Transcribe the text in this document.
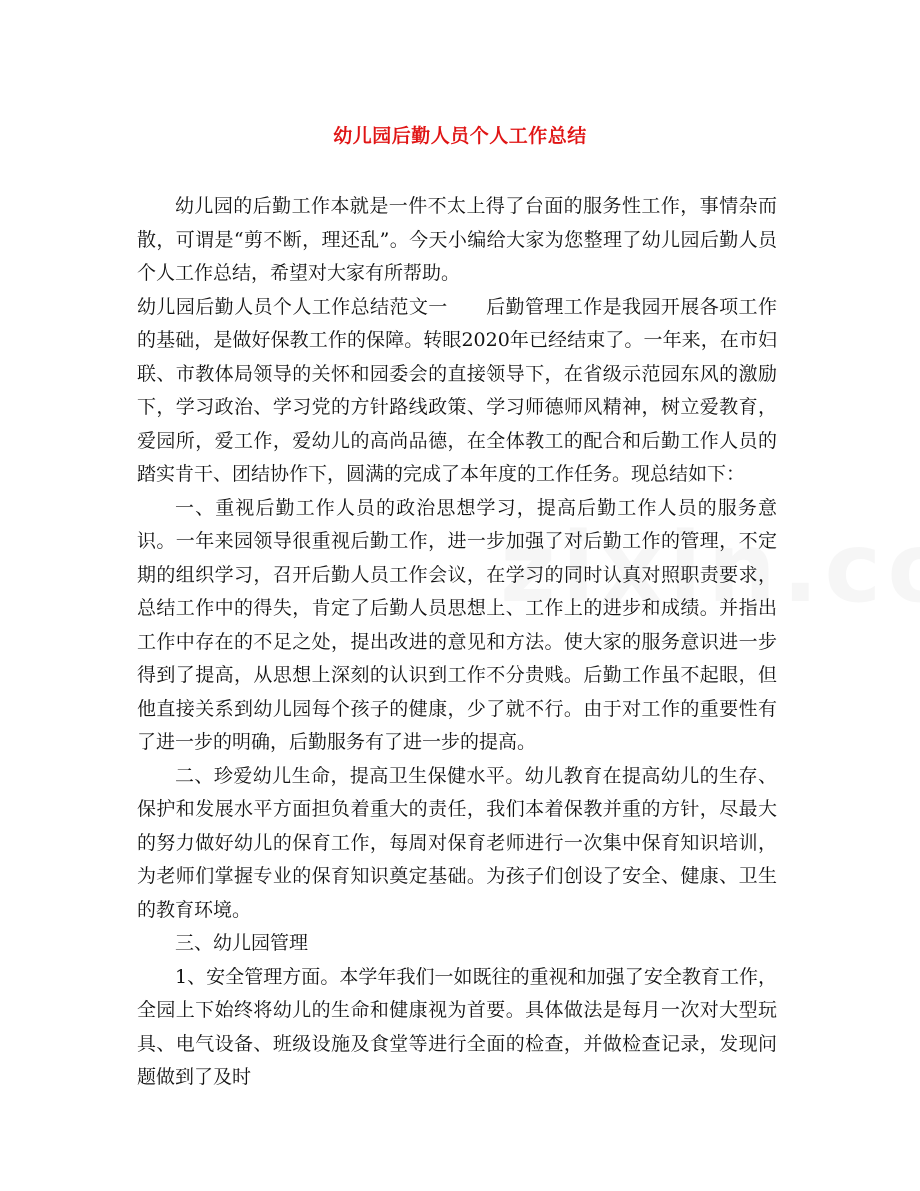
幼儿园后勤人员个人工作总结

幼儿园的后勤工作本就是一件不太上得了台面的服务性工作，事情杂而散，可谓是“剪不断，理还乱”。今天小编给大家为您整理了幼儿园后勤人员个人工作总结，希望对大家有所帮助。

幼儿园后勤人员个人工作总结范文一 后勤管理工作是我园开展各项工作的基础，是做好保教工作的保障。转眼2020年已经结束了。一年来，在市妇联、市教体局领导的关怀和园委会的直接领导下，在省级示范园东风的激励下，学习政治、学习党的方针路线政策、学习师德师风精神，树立爱教育，爱园所，爱工作，爱幼儿的高尚品德，在全体教工的配合和后勤工作人员的踏实肯干、团结协作下，圆满的完成了本年度的工作任务。现总结如下：

一、重视后勤工作人员的政治思想学习，提高后勤工作人员的服务意识。一年来园领导很重视后勤工作，进一步加强了对后勤工作的管理，不定期的组织学习，召开后勤人员工作会议，在学习的同时认真对照职责要求，总结工作中的得失，肯定了后勤人员思想上、工作上的进步和成绩。并指出工作中存在的不足之处，提出改进的意见和方法。使大家的服务意识进一步得到了提高，从思想上深刻的认识到工作不分贵贱。后勤工作虽不起眼，但他直接关系到幼儿园每个孩子的健康，少了就不行。由于对工作的重要性有了进一步的明确，后勤服务有了进一步的提高。

二、珍爱幼儿生命，提高卫生保健水平。幼儿教育在提高幼儿的生存、保护和发展水平方面担负着重大的责任，我们本着保教并重的方针，尽最大的努力做好幼儿的保育工作，每周对保育老师进行一次集中保育知识培训，为老师们掌握专业的保育知识奠定基础。为孩子们创设了安全、健康、卫生的教育环境。

三、幼儿园管理

1、安全管理方面。本学年我们一如既往的重视和加强了安全教育工作，全园上下始终将幼儿的生命和健康视为首要。具体做法是每月一次对大型玩具、电气设备、班级设施及食堂等进行全面的检查，并做检查记录，发现问题做到了及时
